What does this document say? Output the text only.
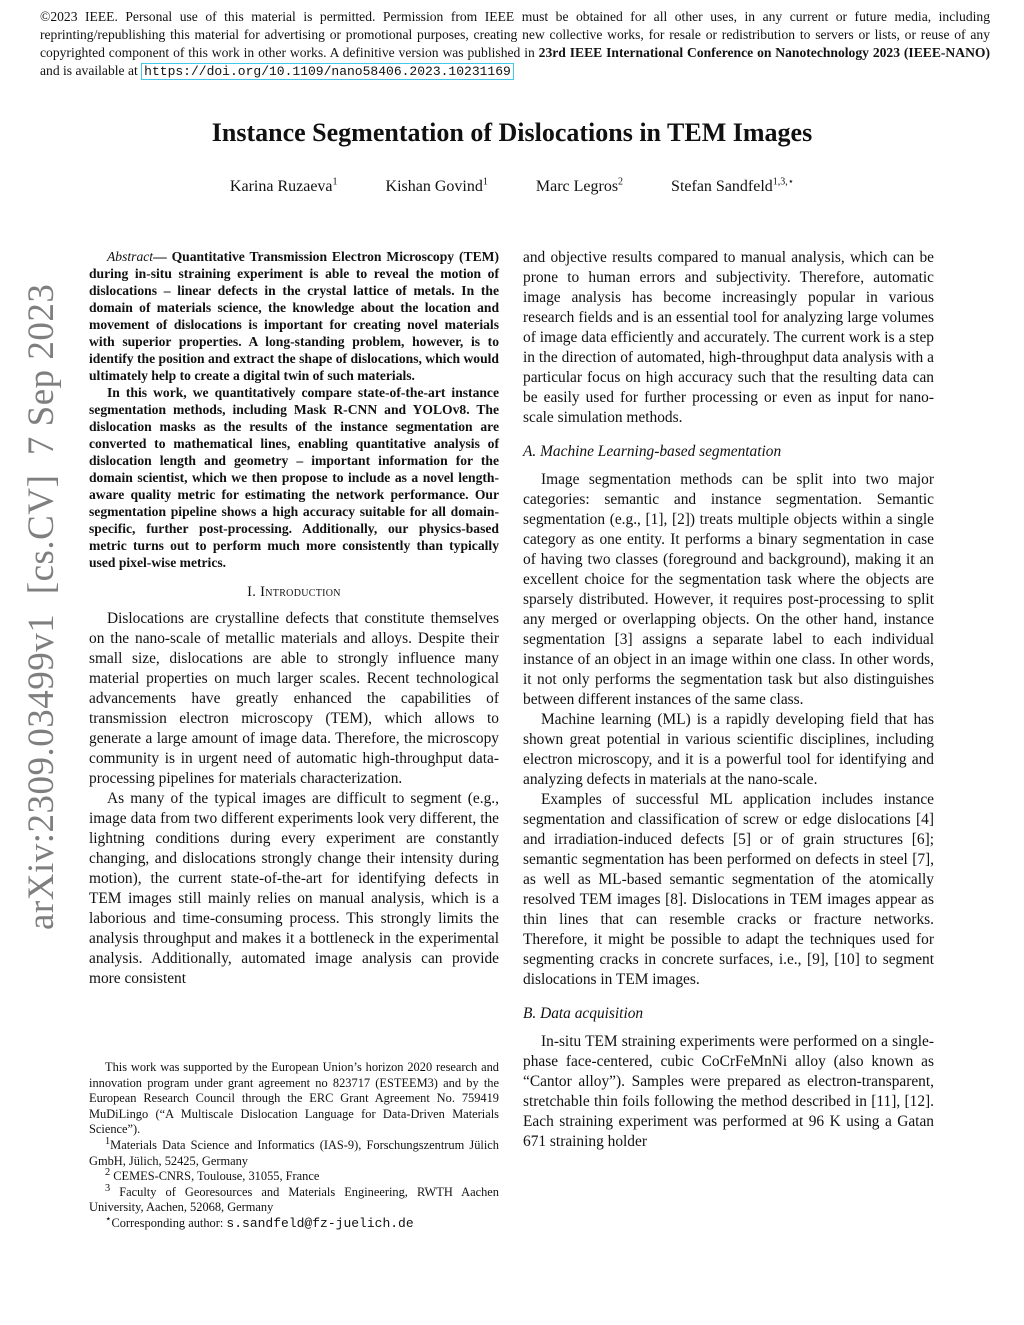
©2023 IEEE. Personal use of this material is permitted. Permission from IEEE must be obtained for all other uses, in any current or future media, including reprinting/republishing this material for advertising or promotional purposes, creating new collective works, for resale or redistribution to servers or lists, or reuse of any copyrighted component of this work in other works. A definitive version was published in 23rd IEEE International Conference on Nanotechnology 2023 (IEEE-NANO) and is available at https://doi.org/10.1109/nano58406.2023.10231169
Instance Segmentation of Dislocations in TEM Images
Karina Ruzaeva$^1$	Kishan Govind$^1$	Marc Legros$^2$	Stefan Sandfeld$^{1,3,⋆}$
arXiv:2309.03499v1  [cs.CV]  7 Sep 2023

Abstract— Quantitative Transmission Electron Microscopy (TEM) during in-situ straining experiment is able to reveal the motion of dislocations – linear defects in the crystal lattice of metals. In the domain of materials science, the knowledge about the location and movement of dislocations is important for creating novel materials with superior properties. A long-standing problem, however, is to identify the position and extract the shape of dislocations, which would ultimately help to create a digital twin of such materials.

In this work, we quantitatively compare state-of-the-art instance segmentation methods, including Mask R-CNN and YOLOv8. The dislocation masks as the results of the instance segmentation are converted to mathematical lines, enabling quantitative analysis of dislocation length and geometry – important information for the domain scientist, which we then propose to include as a novel length-aware quality metric for estimating the network performance. Our segmentation pipeline shows a high accuracy suitable for all domain-specific, further post-processing. Additionally, our physics-based metric turns out to perform much more consistently than typically used pixel-wise metrics.

I. Introduction

Dislocations are crystalline defects that constitute themselves on the nano-scale of metallic materials and alloys. Despite their small size, dislocations are able to strongly influence many material properties on much larger scales. Recent technological advancements have greatly enhanced the capabilities of transmission electron microscopy (TEM), which allows to generate a large amount of image data. Therefore, the microscopy community is in urgent need of automatic high-throughput data-processing pipelines for materials characterization.

As many of the typical images are difficult to segment (e.g., image data from two different experiments look very different, the lightning conditions during every experiment are constantly changing, and dislocations strongly change their intensity during motion), the current state-of-the-art for identifying defects in TEM images still mainly relies on manual analysis, which is a laborious and time-consuming process. This strongly limits the analysis throughput and makes it a bottleneck in the experimental analysis. Additionally, automated image analysis can provide more consistent

This work was supported by the European Union’s horizon 2020 research and innovation program under grant agreement no 823717 (ESTEEM3) and by the European Research Council through the ERC Grant Agreement No. 759419 MuDiLingo (“A Multiscale Dislocation Language for Data-Driven Materials Science”).

$^1$Materials Data Science and Informatics (IAS-9), Forschungszentrum Jülich GmbH, Jülich, 52425, Germany

$^2$ CEMES-CNRS, Toulouse, 31055, France

$^3$ Faculty of Georesources and Materials Engineering, RWTH Aachen University, Aachen, 52068, Germany

⋆Corresponding author: s.sandfeld@fz-juelich.de

and objective results compared to manual analysis, which can be prone to human errors and subjectivity. Therefore, automatic image analysis has become increasingly popular in various research fields and is an essential tool for analyzing large volumes of image data efficiently and accurately. The current work is a step in the direction of automated, high-throughput data analysis with a particular focus on high accuracy such that the resulting data can be easily used for further processing or even as input for nano-scale simulation methods.

A. Machine Learning-based segmentation

Image segmentation methods can be split into two major categories: semantic and instance segmentation. Semantic segmentation (e.g., [1], [2]) treats multiple objects within a single category as one entity. It performs a binary segmentation in case of having two classes (foreground and background), making it an excellent choice for the segmentation task where the objects are sparsely distributed. However, it requires post-processing to split any merged or overlapping objects. On the other hand, instance segmentation [3] assigns a separate label to each individual instance of an object in an image within one class. In other words, it not only performs the segmentation task but also distinguishes between different instances of the same class.

Machine learning (ML) is a rapidly developing field that has shown great potential in various scientific disciplines, including electron microscopy, and it is a powerful tool for identifying and analyzing defects in materials at the nano-scale.

Examples of successful ML application includes instance segmentation and classification of screw or edge dislocations [4] and irradiation-induced defects [5] or of grain structures [6]; semantic segmentation has been performed on defects in steel [7], as well as ML-based semantic segmentation of the atomically resolved TEM images [8]. Dislocations in TEM images appear as thin lines that can resemble cracks or fracture networks. Therefore, it might be possible to adapt the techniques used for segmenting cracks in concrete surfaces, i.e., [9], [10] to segment dislocations in TEM images.

B. Data acquisition

In-situ TEM straining experiments were performed on a single-phase face-centered, cubic CoCrFeMnNi alloy (also known as “Cantor alloy”). Samples were prepared as electron-transparent, stretchable thin foils following the method described in [11], [12]. Each straining experiment was performed at 96 K using a Gatan 671 straining holder
